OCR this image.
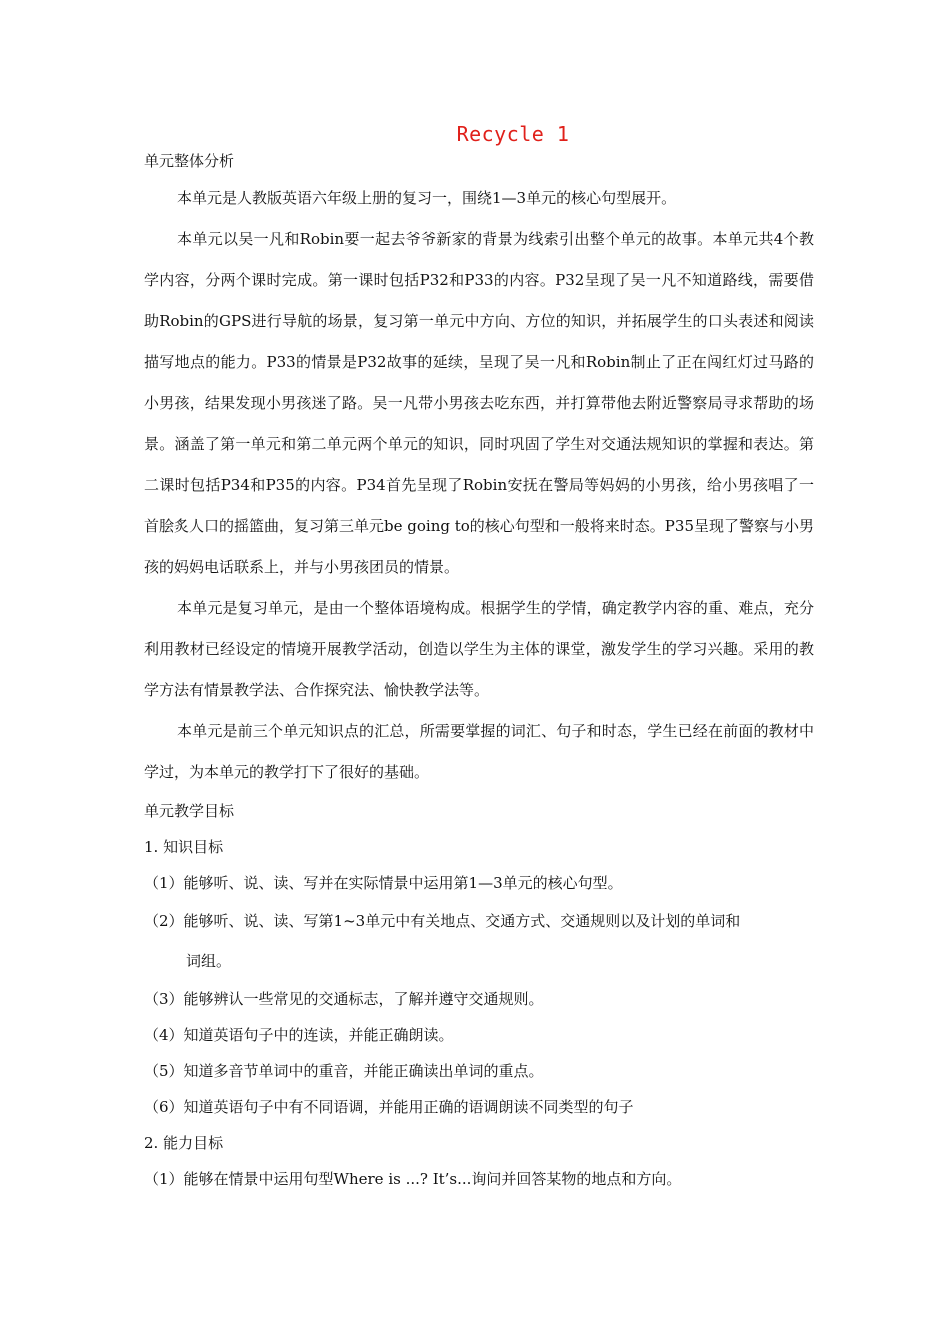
Recycle 1
单元整体分析
本单元是人教版英语六年级上册的复习一，围绕1—3单元的核心句型展开。
本单元以吴一凡和Robin要一起去爷爷新家的背景为线索引出整个单元的故事。本单元共4个教学内容，分两个课时完成。第一课时包括P32和P33的内容。P32呈现了吴一凡不知道路线，需要借助Robin的GPS进行导航的场景，复习第一单元中方向、方位的知识，并拓展学生的口头表述和阅读描写地点的能力。P33的情景是P32故事的延续，呈现了吴一凡和Robin制止了正在闯红灯过马路的小男孩，结果发现小男孩迷了路。吴一凡带小男孩去吃东西，并打算带他去附近警察局寻求帮助的场景。涵盖了第一单元和第二单元两个单元的知识，同时巩固了学生对交通法规知识的掌握和表达。第二课时包括P34和P35的内容。P34首先呈现了Robin安抚在警局等妈妈的小男孩，给小男孩唱了一首脍炙人口的摇篮曲，复习第三单元be going to的核心句型和一般将来时态。P35呈现了警察与小男孩的妈妈电话联系上，并与小男孩团员的情景。
本单元是复习单元，是由一个整体语境构成。根据学生的学情，确定教学内容的重、难点，充分利用教材已经设定的情境开展教学活动，创造以学生为主体的课堂，激发学生的学习兴趣。采用的教学方法有情景教学法、合作探究法、愉快教学法等。
本单元是前三个单元知识点的汇总，所需要掌握的词汇、句子和时态，学生已经在前面的教材中学过，为本单元的教学打下了很好的基础。
单元教学目标
1. 知识目标
（1）能够听、说、读、写并在实际情景中运用第1—3单元的核心句型。
（2）能够听、说、读、写第1~3单元中有关地点、交通方式、交通规则以及计划的单词和
词组。
（3）能够辨认一些常见的交通标志，了解并遵守交通规则。
（4）知道英语句子中的连读，并能正确朗读。
（5）知道多音节单词中的重音，并能正确读出单词的重点。
（6）知道英语句子中有不同语调，并能用正确的语调朗读不同类型的句子
2. 能力目标
（1）能够在情景中运用句型Where is ...? It’s...询问并回答某物的地点和方向。
